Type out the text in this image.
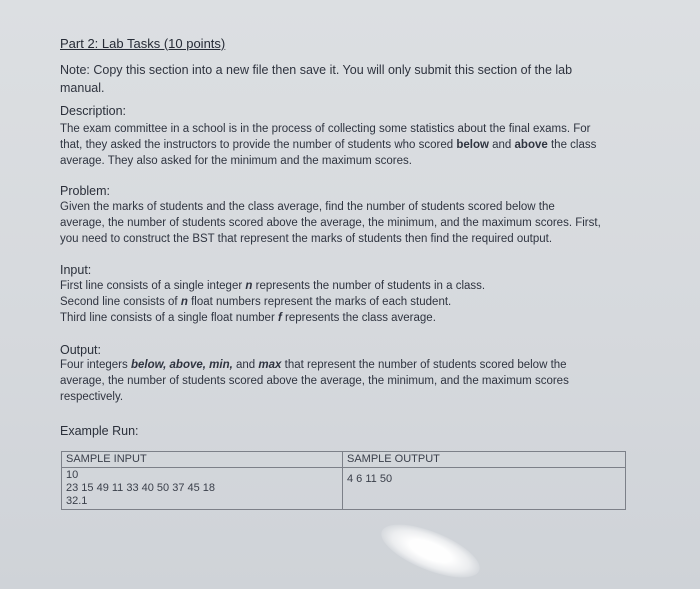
Part 2: Lab Tasks (10 points)
Note: Copy this section into a new file then save it. You will only submit this section of the lab manual.
Description:
The exam committee in a school is in the process of collecting some statistics about the final exams. For
that, they asked the instructors to provide the number of students who scored below and above the class
average. They also asked for the minimum and the maximum scores.
Problem:
Given the marks of students and the class average, find the number of students scored below the
average, the number of students scored above the average, the minimum, and the maximum scores. First,
you need to construct the BST that represent the marks of students then find the required output.
Input:
First line consists of a single integer n represents the number of students in a class.
Second line consists of n float numbers represent the marks of each student.
Third line consists of a single float number f represents the class average.
Output:
Four integers below, above, min, and max that represent the number of students scored below the
average, the number of students scored above the average, the minimum, and the maximum scores
respectively.
Example Run:
SAMPLE INPUT	SAMPLE OUTPUT

10
23 15 49 11 33 40 50 37 45 18
32.1	4 6 11 50
